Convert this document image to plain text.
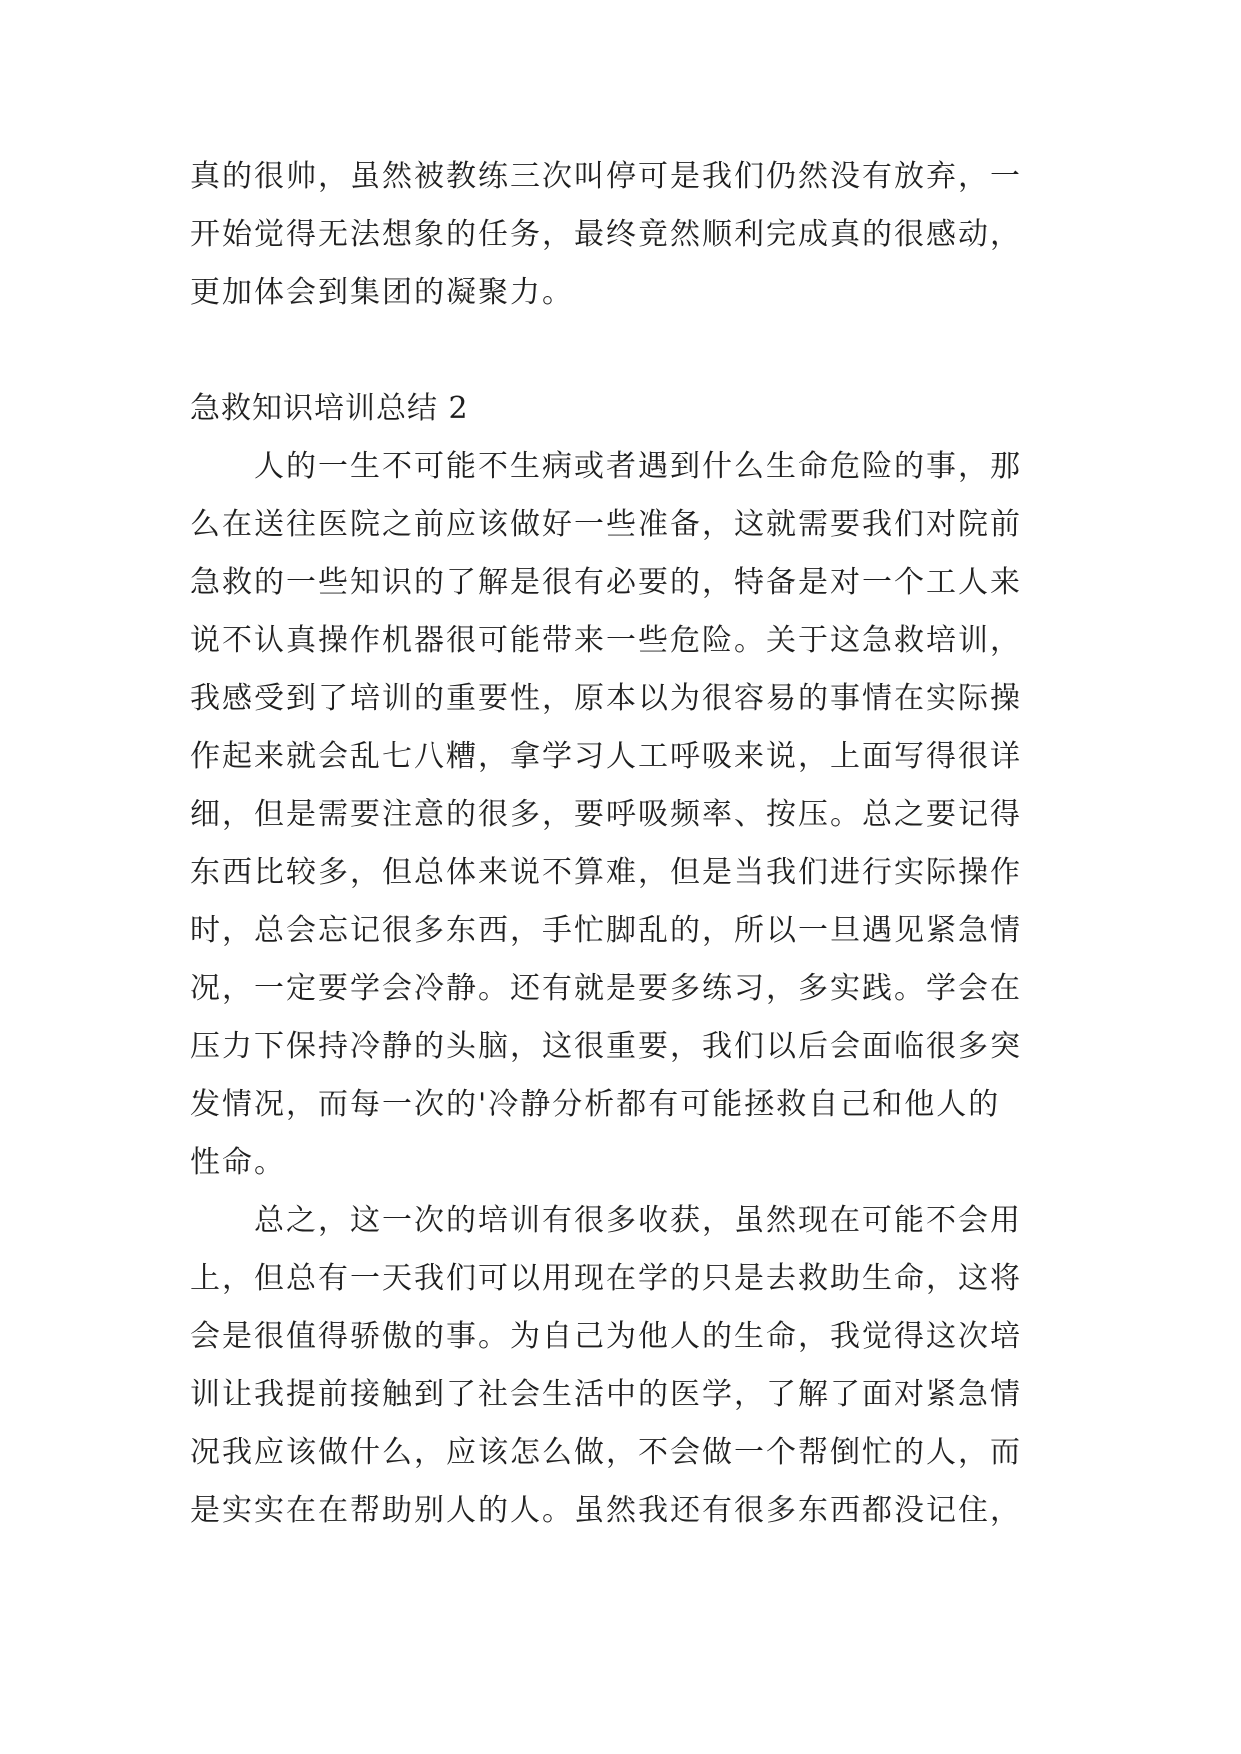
真的很帅，虽然被教练三次叫停可是我们仍然没有放弃，一
开始觉得无法想象的任务，最终竟然顺利完成真的很感动，
更加体会到集团的凝聚力。
急救知识培训总结 2
人的一生不可能不生病或者遇到什么生命危险的事，那
么在送往医院之前应该做好一些准备，这就需要我们对院前
急救的一些知识的了解是很有必要的，特备是对一个工人来
说不认真操作机器很可能带来一些危险。关于这急救培训，
我感受到了培训的重要性，原本以为很容易的事情在实际操
作起来就会乱七八糟，拿学习人工呼吸来说，上面写得很详
细，但是需要注意的很多，要呼吸频率、按压。总之要记得
东西比较多，但总体来说不算难，但是当我们进行实际操作
时，总会忘记很多东西，手忙脚乱的，所以一旦遇见紧急情
况，一定要学会冷静。还有就是要多练习，多实践。学会在
压力下保持冷静的头脑，这很重要，我们以后会面临很多突
发情况，而每一次的'冷静分析都有可能拯救自己和他人的
性命。
总之，这一次的培训有很多收获，虽然现在可能不会用
上，但总有一天我们可以用现在学的只是去救助生命，这将
会是很值得骄傲的事。为自己为他人的生命，我觉得这次培
训让我提前接触到了社会生活中的医学，了解了面对紧急情
况我应该做什么，应该怎么做，不会做一个帮倒忙的人，而
是实实在在帮助别人的人。虽然我还有很多东西都没记住，
